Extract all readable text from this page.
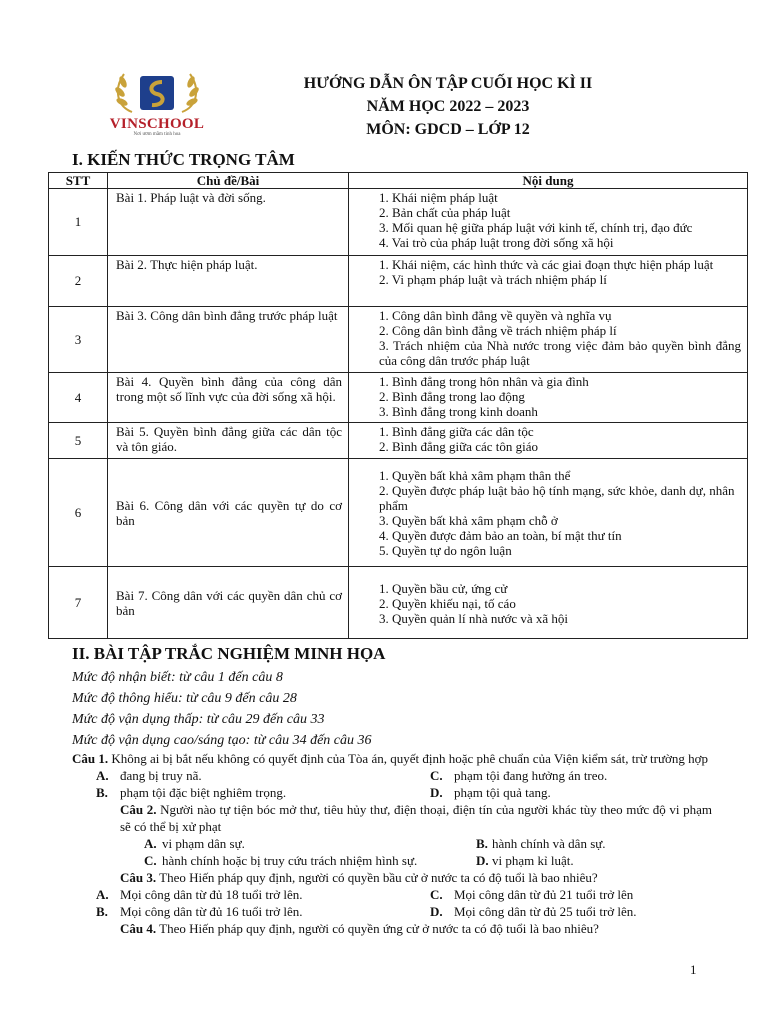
VINSCHOOL
Nơi ươm mầm tinh hoa
HƯỚNG DẪN ÔN TẬP CUỐI HỌC KÌ II
NĂM HỌC 2022 – 2023
MÔN: GDCD – LỚP 12
I. KIẾN THỨC TRỌNG TÂM
STT	Chủ đề/Bài	Nội dung
1	Bài 1. Pháp luật và đời sống.	1. Khái niệm pháp luật
2. Bản chất của pháp luật
3. Mối quan hệ giữa pháp luật với kinh tế, chính trị, đạo đức
4. Vai trò của pháp luật trong đời sống xã hội

2	Bài 2. Thực hiện pháp luật.	1. Khái niệm, các hình thức và các giai đoạn thực hiện pháp luật
2. Vi phạm pháp luật và trách nhiệm pháp lí

3	Bài 3. Công dân bình đẳng trước pháp luật	1. Công dân bình đẳng về quyền và nghĩa vụ
2. Công dân bình đẳng về trách nhiệm pháp lí
3. Trách nhiệm của Nhà nước trong việc đảm bảo quyền bình đẳng của công dân trước pháp luật

4	Bài 4. Quyền bình đẳng của công dân trong một số lĩnh vực của đời sống xã hội.	1. Bình đẳng trong hôn nhân và gia đình
2. Bình đẳng trong lao động
3. Bình đẳng trong kinh doanh

5	Bài 5. Quyền bình đẳng giữa các dân tộc và tôn giáo.	1. Bình đẳng giữa các dân tộc
2. Bình đẳng giữa các tôn giáo

6	Bài 6. Công dân với các quyền tự do cơ bản	1. Quyền bất khả xâm phạm thân thể
2. Quyền được pháp luật bảo hộ tính mạng, sức khỏe, danh dự, nhân phẩm
3. Quyền bất khả xâm phạm chỗ ở
4. Quyền được đảm bảo an toàn, bí mật thư tín
5. Quyền tự do ngôn luận

7	Bài 7. Công dân với các quyền dân chủ cơ bản	1. Quyền bầu cử, ứng cử
2. Quyền khiếu nại, tố cáo
3. Quyền quản lí nhà nước và xã hội
II. BÀI TẬP TRẮC NGHIỆM MINH HỌA
Mức độ nhận biết: từ câu 1 đến câu 8
Mức độ thông hiểu: từ câu 9 đến câu 28
Mức độ vận dụng thấp: từ câu 29 đến câu 33
Mức độ vận dụng cao/sáng tạo: từ câu 34 đến câu 36
Câu 1. Không ai bị bắt nếu không có quyết định của Tòa án, quyết định hoặc phê chuẩn của Viện kiểm sát, trừ trường hợp
A. đang bị truy nã.	C. phạm tội đang hưởng án treo.
B. phạm tội đặc biệt nghiêm trọng.	D. phạm tội quả tang.
Câu 2. Người nào tự tiện bóc mở thư, tiêu hủy thư, điện thoại, điện tín của người khác tùy theo mức độ vi phạm sẽ có thể bị xử phạt
A. vi phạm dân sự.	B. hành chính và dân sự.
C. hành chính hoặc bị truy cứu trách nhiệm hình sự.	D. vi phạm kỉ luật.
Câu 3. Theo Hiến pháp quy định, người có quyền bầu cử ở nước ta có độ tuổi là bao nhiêu?
A. Mọi công dân từ đủ 18 tuổi trở lên.	C. Mọi công dân từ đủ 21 tuổi trở lên
B. Mọi công dân từ đủ 16 tuổi trở lên.	D. Mọi công dân từ đủ 25 tuổi trở lên.
Câu 4. Theo Hiến pháp quy định, người có quyền ứng cử ở nước ta có độ tuổi là bao nhiêu?
1
